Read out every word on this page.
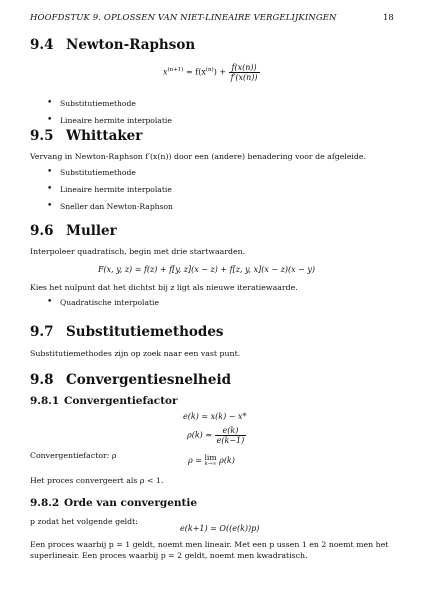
HOOFDSTUK 9. OPLOSSEN VAN NIET-LINEAIRE VERGELIJKINGEN	18
9.4 Newton-Raphson
$x^{(n+1)} = f(x^{(n)}) + \frac{f(x(n))}{f'(x(n))}$
• Substitutiemethode
• Lineaire hermite interpolatie
9.5 Whittaker
Vervang in Newton-Raphson f′(x(n)) door een (andere) benadering voor de afgeleide.
• Substitutiemethode
• Lineaire hermite interpolatie
• Sneller dan Newton-Raphson
9.6 Muller
Interpoleer quadratisch, begin met drie startwaarden.
F(x, y, z) = f(z) + f[y, z](x − z) + f[z, y, x](x − z)(x − y)
Kies het nulpunt dat het dichtst bij z ligt als nieuwe iteratiewaarde.
• Quadratische interpolatie
9.7 Substitutiemethodes
Substitutiemethodes zijn op zoek naar een vast punt.
9.8 Convergentiesnelheid
9.8.1 Convergentiefactor
e(k) = x(k) − x*
$\rho(k) = \frac{e(k)}{e(k-1)}$
Convergentiefactor: ρ
ρ = lim
k→∞ ρ(k)
Het proces convergeert als ρ < 1.
9.8.2 Orde van convergentie
p zodat het volgende geldt:
e(k+1) = O((e(k))p)
Een proces waarbij p = 1 geldt, noemt men lineair. Met een p ussen 1 en 2 noemt men het
superlineair. Een proces waarbij p = 2 geldt, noemt men kwadratisch.
